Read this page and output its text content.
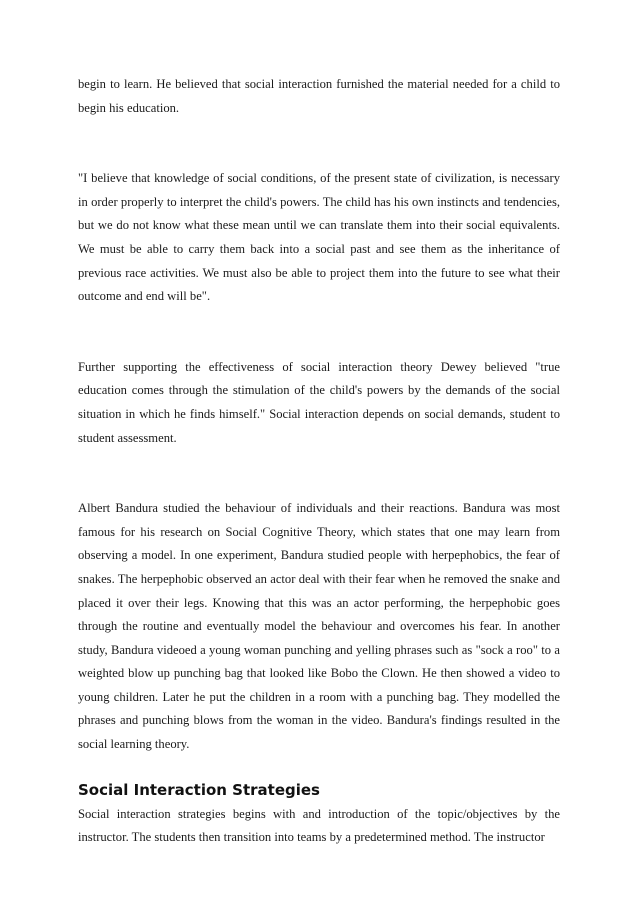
begin to learn. He believed that social interaction furnished the material needed for a child to begin his education.

"I believe that knowledge of social conditions, of the present state of civilization, is necessary in order properly to interpret the child's powers. The child has his own instincts and tendencies, but we do not know what these mean until we can translate them into their social equivalents. We must be able to carry them back into a social past and see them as the inheritance of previous race activities. We must also be able to project them into the future to see what their outcome and end will be".

Further supporting the effectiveness of social interaction theory Dewey believed "true education comes through the stimulation of the child's powers by the demands of the social situation in which he finds himself." Social interaction depends on social demands, student to student assessment.

Albert Bandura studied the behaviour of individuals and their reactions. Bandura was most famous for his research on Social Cognitive Theory, which states that one may learn from observing a model. In one experiment, Bandura studied people with herpephobics, the fear of snakes. The herpephobic observed an actor deal with their fear when he removed the snake and placed it over their legs. Knowing that this was an actor performing, the herpephobic goes through the routine and eventually model the behaviour and overcomes his fear. In another study, Bandura videoed a young woman punching and yelling phrases such as "sock a roo" to a weighted blow up punching bag that looked like Bobo the Clown. He then showed a video to young children. Later he put the children in a room with a punching bag. They modelled the phrases and punching blows from the woman in the video. Bandura's findings resulted in the social learning theory.

Social Interaction Strategies

Social interaction strategies begins with and introduction of the topic/objectives by the instructor. The students then transition into teams by a predetermined method. The instructor
